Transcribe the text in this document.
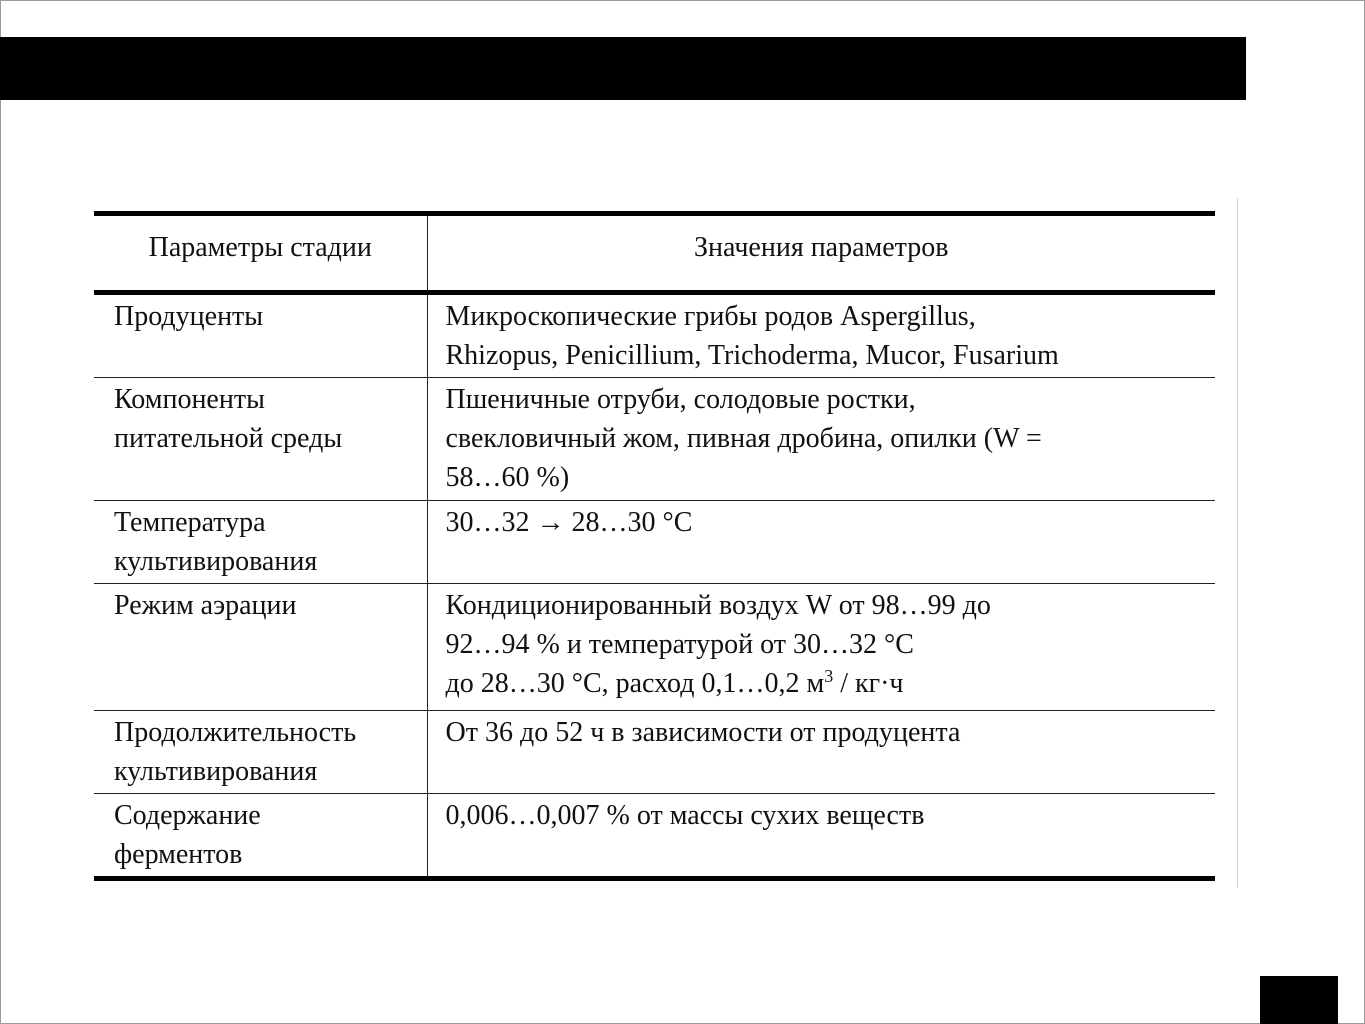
Параметры стадии	Значения параметров

Продуценты	Микроскопические грибы родов Aspergillus,
Rhizopus, Penicillium, Trichoderma, Mucor, Fusarium

Компоненты
питательной среды	Пшеничные отруби, солодовые ростки,
свекловичный жом, пивная дробина, опилки (W =
58…60 %)

Температура
культивирования	30…32 → 28…30 °С

Режим аэрации	Кондиционированный воздух W от 98…99 до
92…94 % и температурой от 30…32 °С
до 28…30 °С, расход 0,1…0,2 $м^3 / кг\cdot ч$

Продолжительность
культивирования	От 36 до 52 ч в зависимости от продуцента

Содержание
ферментов	0,006…0,007 % от массы сухих веществ
